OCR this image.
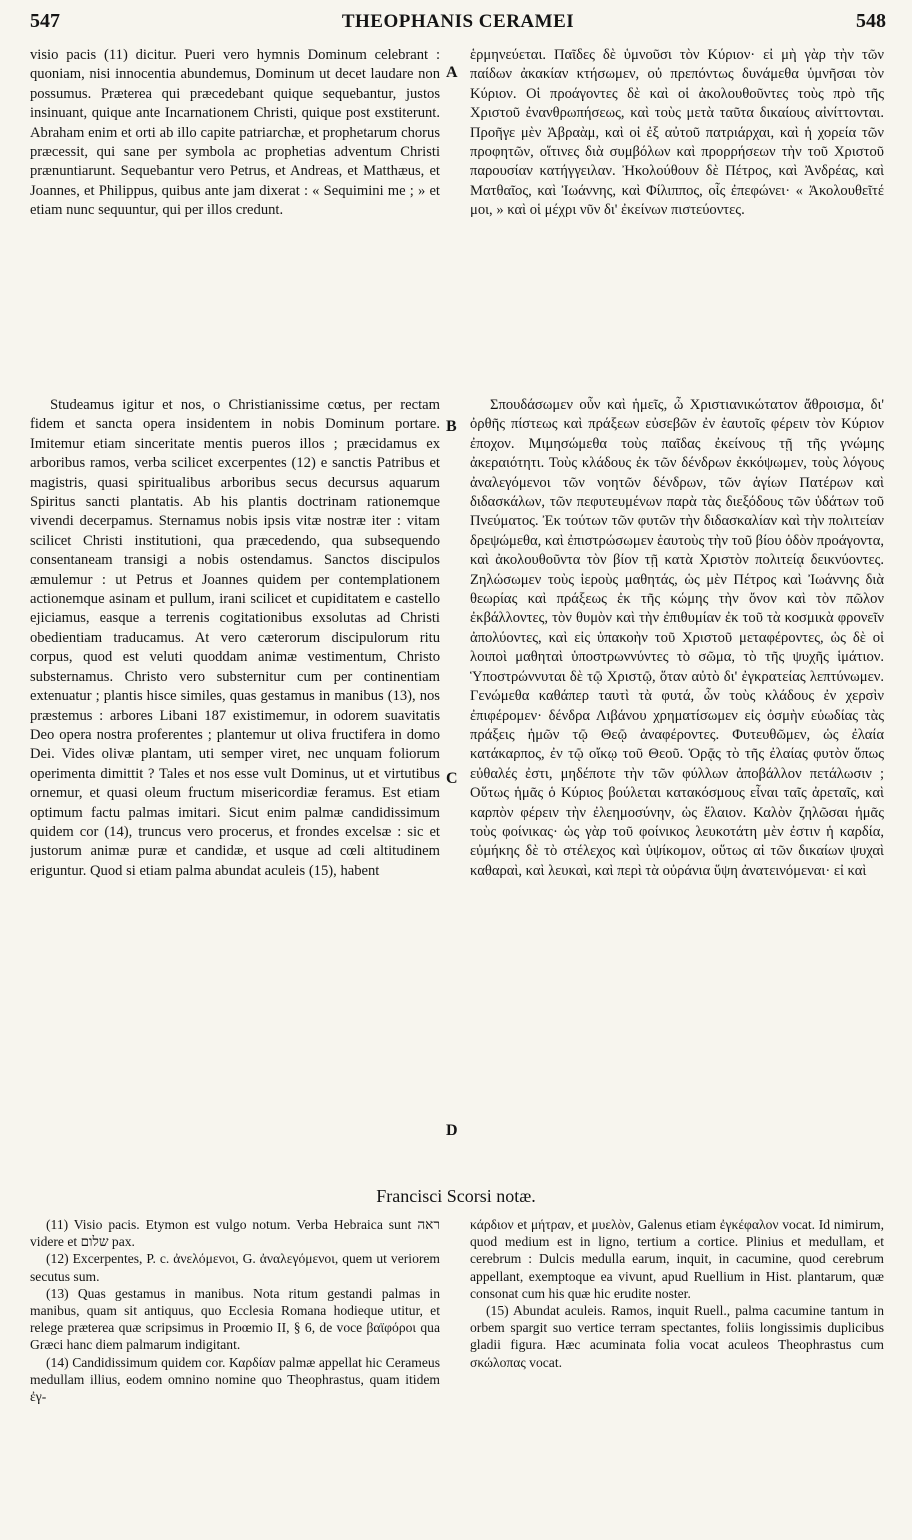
547	THEOPHANIS CERAMEI	548
A
B
C
D

visio pacis (11) dicitur. Pueri vero hymnis Dominum celebrant : quoniam, nisi innocentia abundemus, Dominum ut decet laudare non possumus. Præterea qui præcedebant quique sequebantur, justos insinuant, quique ante Incarnationem Christi, quique post exstiterunt. Abraham enim et orti ab illo capite patriarchæ, et prophetarum chorus præcessit, qui sane per symbola ac prophetias adventum Christi prænuntiarunt. Sequebantur vero Petrus, et Andreas, et Matthæus, et Joannes, et Philippus, quibus ante jam dixerat : « Sequimini me ; » et etiam nunc sequuntur, qui per illos credunt.

ἑρμηνεύεται. Παῖδες δὲ ὑμνοῦσι τὸν Κύριον· εἰ μὴ γὰρ τὴν τῶν παίδων ἀκακίαν κτήσωμεν, οὐ πρεπόντως δυνάμεθα ὑμνῆσαι τὸν Κύριον. Οἱ προάγοντες δὲ καὶ οἱ ἀκολουθοῦντες τοὺς πρὸ τῆς Χριστοῦ ἐνανθρωπήσεως, καὶ τοὺς μετὰ ταῦτα δικαίους αἰνίττονται. Προῆγε μὲν Ἀβραὰμ, καὶ οἱ ἐξ αὐτοῦ πατριάρχαι, καὶ ἡ χορεία τῶν προφητῶν, οἵτινες διὰ συμβόλων καὶ προρρήσεων τὴν τοῦ Χριστοῦ παρουσίαν κατήγγειλαν. Ἠκολούθουν δὲ Πέτρος, καὶ Ἀνδρέας, καὶ Ματθαῖος, καὶ Ἰωάννης, καὶ Φίλιππος, οἷς ἐπεφώνει· « Ἀκολουθεῖτέ μοι, » καὶ οἱ μέχρι νῦν δι' ἐκείνων πιστεύοντες.

Studeamus igitur et nos, o Christianissime cœtus, per rectam fidem et sancta opera insidentem in nobis Dominum portare. Imitemur etiam sinceritate mentis pueros illos ; præcidamus ex arboribus ramos, verba scilicet excerpentes (12) e sanctis Patribus et magistris, quasi spiritualibus arboribus secus decursus aquarum Spiritus sancti plantatis. Ab his plantis doctrinam rationemque vivendi decerpamus. Sternamus nobis ipsis vitæ nostræ iter : vitam scilicet Christi institutioni, qua præcedendo, qua subsequendo consentaneam transigi a nobis ostendamus. Sanctos discipulos æmulemur : ut Petrus et Joannes quidem per contemplationem actionemque asinam et pullum, irani scilicet et cupiditatem e castello ejiciamus, easque a terrenis cogitationibus exsolutas ad Christi obedientiam traducamus. At vero cæterorum discipulorum ritu corpus, quod est veluti quoddam animæ vestimentum, Christo substernamus. Christo vero substernitur cum per continentiam extenuatur ; plantis hisce similes, quas gestamus in manibus (13), nos præstemus : arbores Libani 187 existimemur, in odorem suavitatis Deo opera nostra proferentes ; plantemur ut oliva fructifera in domo Dei. Vides olivæ plantam, uti semper viret, nec unquam foliorum operimenta dimittit ? Tales et nos esse vult Dominus, ut et virtutibus ornemur, et quasi oleum fructum misericordiæ feramus. Est etiam optimum factu palmas imitari. Sicut enim palmæ candidissimum quidem cor (14), truncus vero procerus, et frondes excelsæ : sic et justorum animæ puræ et candidæ, et usque ad cœli altitudinem eriguntur. Quod si etiam palma abundat aculeis (15), habent

Σπουδάσωμεν οὖν καὶ ἡμεῖς, ὦ Χριστιανικώτατον ἄθροισμα, δι' ὀρθῆς πίστεως καὶ πράξεων εὐσεβῶν ἐν ἑαυτοῖς φέρειν τὸν Κύριον ἐποχον. Μιμησώμεθα τοὺς παῖδας ἐκείνους τῇ τῆς γνώμης ἀκεραιότητι. Τοὺς κλάδους ἐκ τῶν δένδρων ἐκκόψωμεν, τοὺς λόγους ἀναλεγόμενοι τῶν νοητῶν δένδρων, τῶν ἁγίων Πατέρων καὶ διδασκάλων, τῶν πεφυτευμένων παρὰ τὰς διεξόδους τῶν ὑδάτων τοῦ Πνεύματος. Ἐκ τούτων τῶν φυτῶν τὴν διδασκαλίαν καὶ τὴν πολιτείαν δρεψώμεθα, καὶ ἐπιστρώσωμεν ἑαυτοὺς τὴν τοῦ βίου ὁδὸν προάγοντα, καὶ ἀκολουθοῦντα τὸν βίον τῇ κατὰ Χριστὸν πολιτείᾳ δεικνύοντες. Ζηλώσωμεν τοὺς ἱεροὺς μαθητάς, ὡς μὲν Πέτρος καὶ Ἰωάννης διὰ θεωρίας καὶ πράξεως ἐκ τῆς κώμης τὴν ὄνον καὶ τὸν πῶλον ἐκβάλλοντες, τὸν θυμὸν καὶ τὴν ἐπιθυμίαν ἐκ τοῦ τὰ κοσμικὰ φρονεῖν ἀπολύοντες, καὶ εἰς ὑπακοὴν τοῦ Χριστοῦ μεταφέροντες, ὡς δὲ οἱ λοιποὶ μαθηταὶ ὑποστρωννύντες τὸ σῶμα, τὸ τῆς ψυχῆς ἱμάτιον. Ὑποστρώννυται δὲ τῷ Χριστῷ, ὅταν αὐτὸ δι' ἐγκρατείας λεπτύνωμεν. Γενώμεθα καθάπερ ταυτὶ τὰ φυτά, ὧν τοὺς κλάδους ἐν χερσὶν ἐπιφέρομεν· δένδρα Λιβάνου χρηματίσωμεν εἰς ὀσμὴν εὐωδίας τὰς πράξεις ἡμῶν τῷ Θεῷ ἀναφέροντες. Φυτευθῶμεν, ὡς ἐλαία κατάκαρπος, ἐν τῷ οἴκῳ τοῦ Θεοῦ. Ὁρᾷς τὸ τῆς ἐλαίας φυτὸν ὅπως εὐθαλές ἐστι, μηδέποτε τὴν τῶν φύλλων ἀποβάλλον πετάλωσιν ; Οὕτως ἡμᾶς ὁ Κύριος βούλεται κατακόσμους εἶναι ταῖς ἀρεταῖς, καὶ καρπὸν φέρειν τὴν ἐλεημοσύνην, ὡς ἔλαιον. Καλὸν ζηλῶσαι ἡμᾶς τοὺς φοίνικας· ὡς γὰρ τοῦ φοίνικος λευκοτάτη μὲν ἐστιν ἡ καρδία, εὐμήκης δὲ τὸ στέλεχος καὶ ὑψίκομον, οὕτως αἱ τῶν δικαίων ψυχαὶ καθαραὶ, καὶ λευκαὶ, καὶ περὶ τὰ οὐράνια ὕψη ἀνατεινόμεναι· εἰ καὶ

Francisci Scorsi notæ.

(11) Visio pacis. Etymon est vulgo notum. Verba Hebraica sunt ראה videre et שלום pax.

(12) Excerpentes, P. c. ἀνελόμενοι, G. ἀναλεγόμενοι, quem ut veriorem secutus sum.

(13) Quas gestamus in manibus. Nota ritum gestandi palmas in manibus, quam sit antiquus, quo Ecclesia Romana hodieque utitur, et relege præterea quæ scripsimus in Proœmio II, § 6, de voce βαϊφόροι qua Græci hanc diem palmarum indigitant.

(14) Candidissimum quidem cor. Καρδίαν palmæ appellat hic Cerameus medullam illius, eodem omnino nomine quo Theophrastus, quam itidem ἐγ-

κάρδιον et μήτραν, et μυελὸν, Galenus etiam ἐγκέφαλον vocat. Id nimirum, quod medium est in ligno, tertium a cortice. Plinius et medullam, et cerebrum : Dulcis medulla earum, inquit, in cacumine, quod cerebrum appellant, exemptoque ea vivunt, apud Ruellium in Hist. plantarum, quæ consonat cum his quæ hic erudite noster.

(15) Abundat aculeis. Ramos, inquit Ruell., palma cacumine tantum in orbem spargit suo vertice terram spectantes, foliis longissimis duplicibus gladii figura. Hæc acuminata folia vocat aculeos Theophrastus cum σκώλοπας vocat.
